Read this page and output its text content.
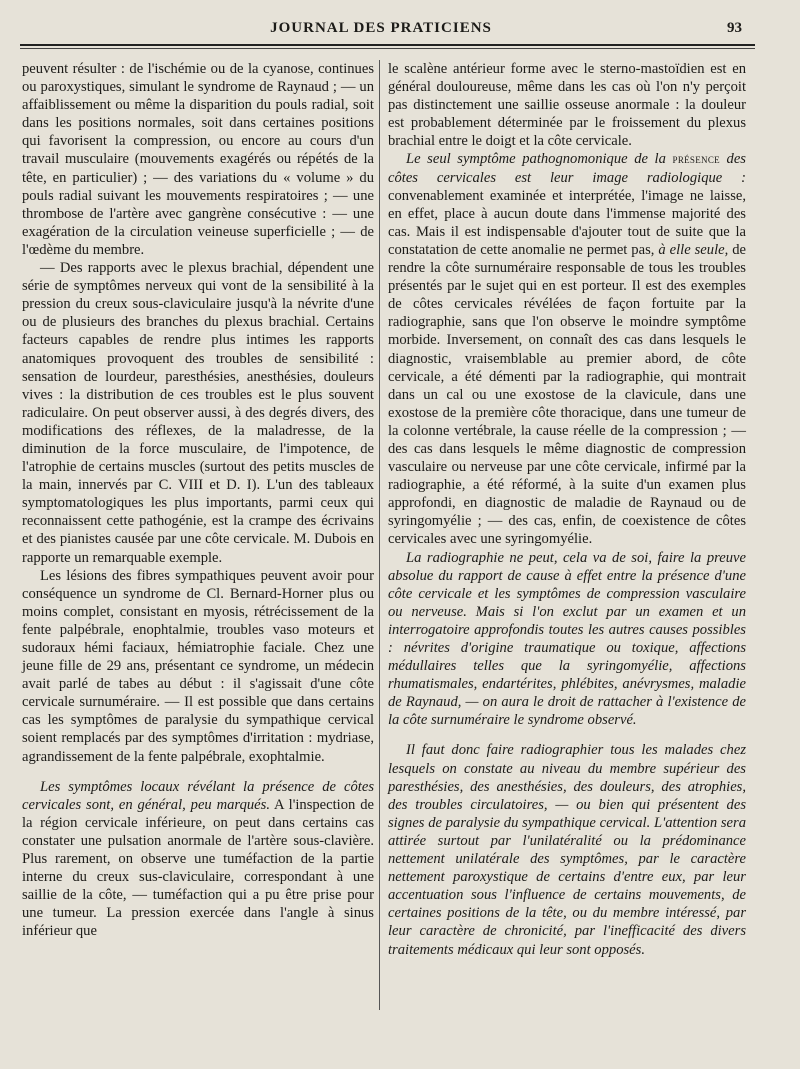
JOURNAL DES PRATICIENS	93

peuvent résulter : de l'ischémie ou de la cyanose, continues ou paroxystiques, simulant le syndrome de Raynaud ; — un affaiblissement ou même la disparition du pouls radial, soit dans les positions normales, soit dans certaines positions qui favorisent la compression, ou encore au cours d'un travail musculaire (mouvements exagérés ou répétés de la tête, en particulier) ; — des variations du « volume » du pouls radial suivant les mouvements respiratoires ; — une thrombose de l'artère avec gangrène consécutive : — une exagération de la circulation veineuse superficielle ; — de l'œdème du membre.

— Des rapports avec le plexus brachial, dépendent une série de symptômes nerveux qui vont de la sensibilité à la pression du creux sous-claviculaire jusqu'à la névrite d'une ou de plusieurs des branches du plexus brachial. Certains facteurs capables de rendre plus intimes les rapports anatomiques provoquent des troubles de sensibilité : sensation de lourdeur, paresthésies, anesthésies, douleurs vives : la distribution de ces troubles est le plus souvent radiculaire. On peut observer aussi, à des degrés divers, des modifications des réflexes, de la maladresse, de la diminution de la force musculaire, de l'impotence, de l'atrophie de certains muscles (surtout des petits muscles de la main, innervés par C. VIII et D. I). L'un des tableaux symptomatologiques les plus importants, parmi ceux qui reconnaissent cette pathogénie, est la crampe des écrivains et des pianistes causée par une côte cervicale. M. Dubois en rapporte un remarquable exemple.

Les lésions des fibres sympathiques peuvent avoir pour conséquence un syndrome de Cl. Bernard-Horner plus ou moins complet, consistant en myosis, rétrécissement de la fente palpébrale, enophtalmie, troubles vaso moteurs et sudoraux hémi faciaux, hémiatrophie faciale. Chez une jeune fille de 29 ans, présentant ce syndrome, un médecin avait parlé de tabes au début : il s'agissait d'une côte cervicale surnuméraire. — Il est possible que dans certains cas les symptômes de paralysie du sympathique cervical soient remplacés par des symptômes d'irritation : mydriase, agrandissement de la fente palpébrale, exophtalmie.

Les symptômes locaux révélant la présence de côtes cervicales sont, en général, peu marqués. A l'inspection de la région cervicale inférieure, on peut dans certains cas constater une pulsation anormale de l'artère sous-clavière. Plus rarement, on observe une tuméfaction de la partie interne du creux sus-claviculaire, correspondant à une saillie de la côte, — tuméfaction qui a pu être prise pour une tumeur. La pression exercée dans l'angle à sinus inférieur que

le scalène antérieur forme avec le sterno-mastoïdien est en général douloureuse, même dans les cas où l'on n'y perçoit pas distinctement une saillie osseuse anormale : la douleur est probablement déterminée par le froissement du plexus brachial entre le doigt et la côte cervicale.

Le seul symptôme pathognomonique de la présence des côtes cervicales est leur image radiologique : convenablement examinée et interprétée, l'image ne laisse, en effet, place à aucun doute dans l'immense majorité des cas. Mais il est indispensable d'ajouter tout de suite que la constatation de cette anomalie ne permet pas, à elle seule, de rendre la côte surnuméraire responsable de tous les troubles présentés par le sujet qui en est porteur. Il est des exemples de côtes cervicales révélées de façon fortuite par la radiographie, sans que l'on observe le moindre symptôme morbide. Inversement, on connaît des cas dans lesquels le diagnostic, vraisemblable au premier abord, de côte cervicale, a été démenti par la radiographie, qui montrait dans un cal ou une exostose de la clavicule, dans une exostose de la première côte thoracique, dans une tumeur de la colonne vertébrale, la cause réelle de la compression ; — des cas dans lesquels le même diagnostic de compression vasculaire ou nerveuse par une côte cervicale, infirmé par la radiographie, a été réformé, à la suite d'un examen plus approfondi, en diagnostic de maladie de Raynaud ou de syringomyélie ; — des cas, enfin, de coexistence de côtes cervicales avec une syringomyélie.

La radiographie ne peut, cela va de soi, faire la preuve absolue du rapport de cause à effet entre la présence d'une côte cervicale et les symptômes de compression vasculaire ou nerveuse. Mais si l'on exclut par un examen et un interrogatoire approfondis toutes les autres causes possibles : névrites d'origine traumatique ou toxique, affections médullaires telles que la syringomyélie, affections rhumatismales, endartérites, phlébites, anévrysmes, maladie de Raynaud, — on aura le droit de rattacher à l'existence de la côte surnuméraire le syndrome observé.

Il faut donc faire radiographier tous les malades chez lesquels on constate au niveau du membre supérieur des paresthésies, des anesthésies, des douleurs, des atrophies, des troubles circulatoires, — ou bien qui présentent des signes de paralysie du sympathique cervical. L'attention sera attirée surtout par l'unilatéralité ou la prédominance nettement unilatérale des symptômes, par le caractère nettement paroxystique de certains d'entre eux, par leur accentuation sous l'influence de certains mouvements, de certaines positions de la tête, ou du membre intéressé, par leur caractère de chronicité, par l'inefficacité des divers traitements médicaux qui leur sont opposés.
